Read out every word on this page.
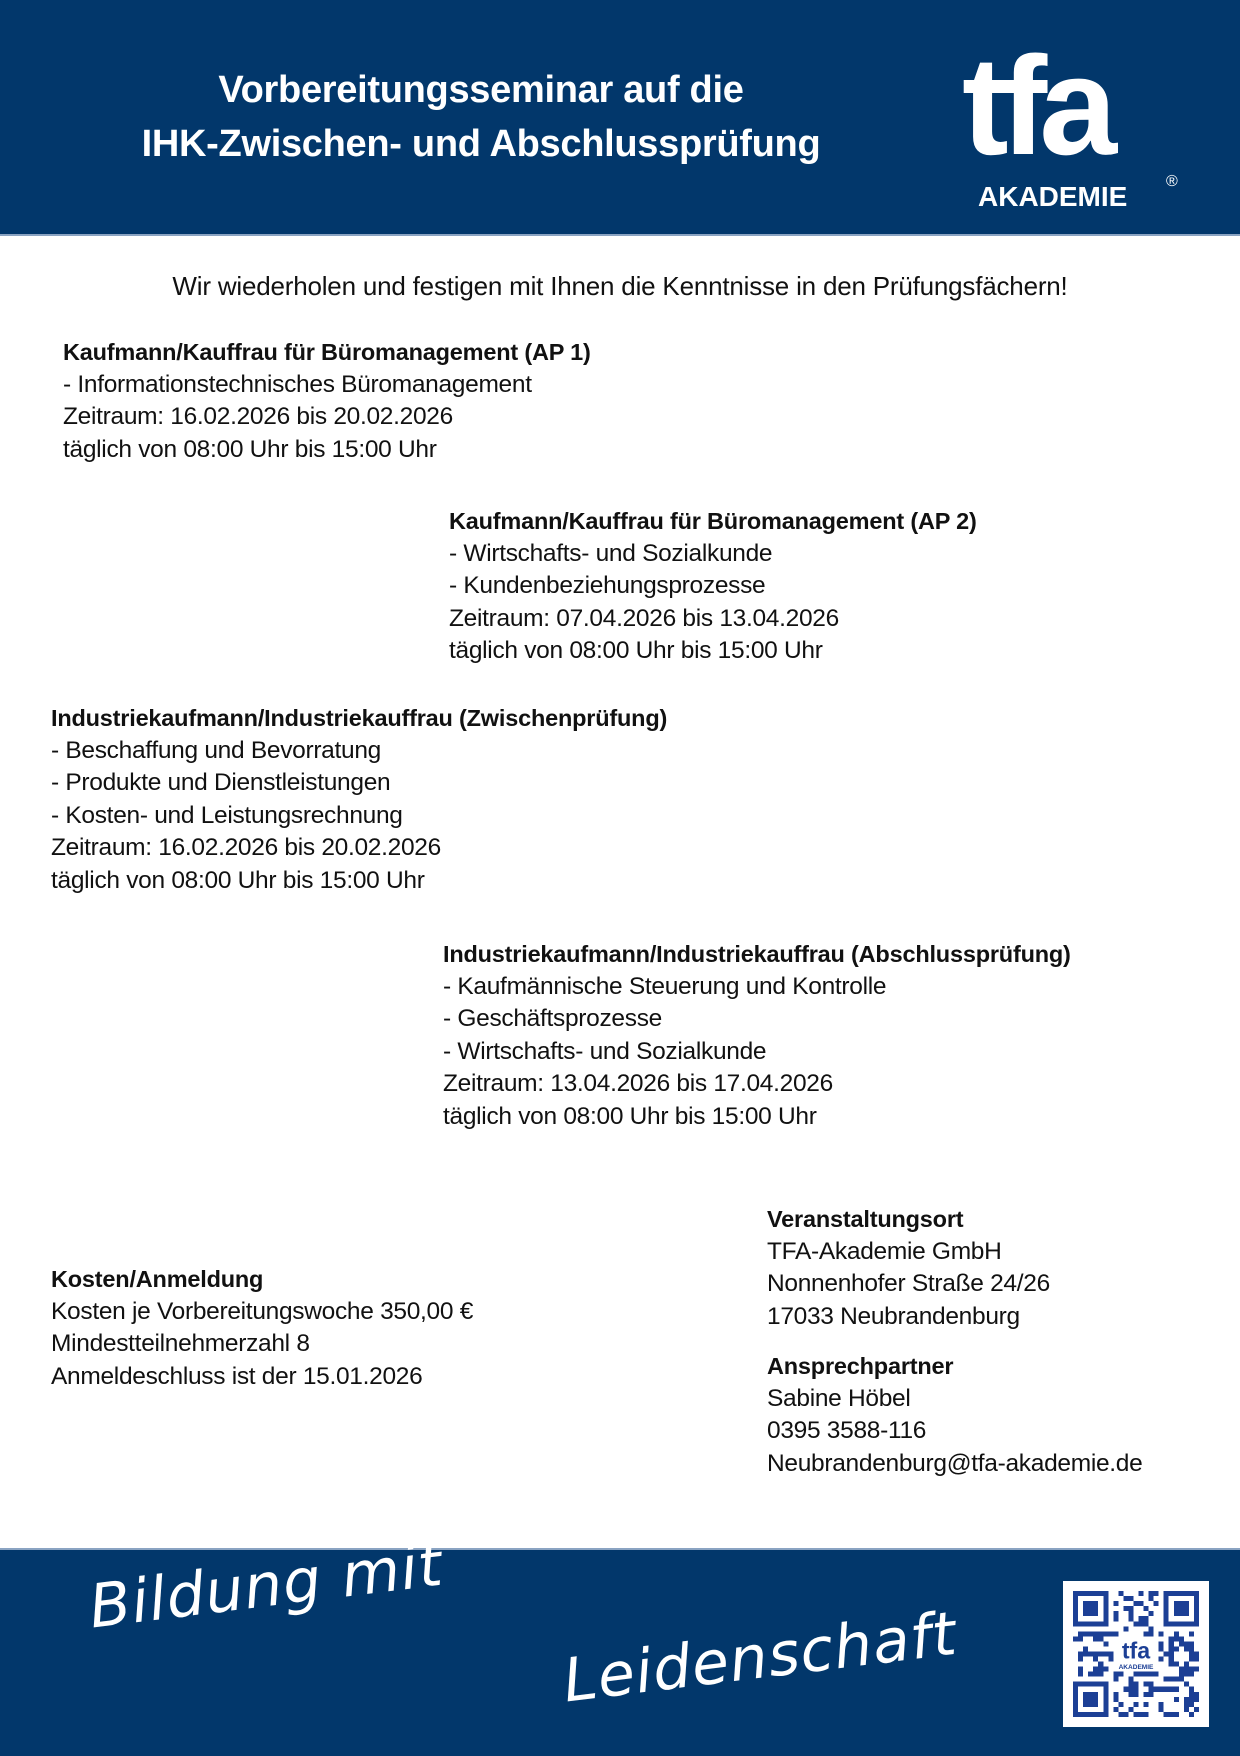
Vorbereitungsseminar auf die
IHK-Zwischen- und Abschlussprüfung	tfa
AKADEMIE ®
Wir wiederholen und festigen mit Ihnen die Kenntnisse in den Prüfungsfächern!
Kaufmann/Kauffrau für Büromanagement (AP 1)
- Informationstechnisches Büromanagement
Zeitraum: 16.02.2026 bis 20.02.2026
täglich von 08:00 Uhr bis 15:00 Uhr
Kaufmann/Kauffrau für Büromanagement (AP 2)
- Wirtschafts- und Sozialkunde
- Kundenbeziehungsprozesse
Zeitraum: 07.04.2026 bis 13.04.2026
täglich von 08:00 Uhr bis 15:00 Uhr
Industriekaufmann/Industriekauffrau (Zwischenprüfung)
- Beschaffung und Bevorratung
- Produkte und Dienstleistungen
- Kosten- und Leistungsrechnung
Zeitraum: 16.02.2026 bis 20.02.2026
täglich von 08:00 Uhr bis 15:00 Uhr
Industriekaufmann/Industriekauffrau (Abschlussprüfung)
- Kaufmännische Steuerung und Kontrolle
- Geschäftsprozesse
- Wirtschafts- und Sozialkunde
Zeitraum: 13.04.2026 bis 17.04.2026
täglich von 08:00 Uhr bis 15:00 Uhr
Veranstaltungsort
TFA-Akademie GmbH
Nonnenhofer Straße 24/26
17033 Neubrandenburg
Ansprechpartner
Sabine Höbel
0395 3588-116
Neubrandenburg@tfa-akademie.de
Kosten/Anmeldung
Kosten je Vorbereitungswoche 350,00 €
Mindestteilnehmerzahl 8
Anmeldeschluss ist der 15.01.2026
Bildung mit
Leidenschaft	tfa
AKADEMIE
